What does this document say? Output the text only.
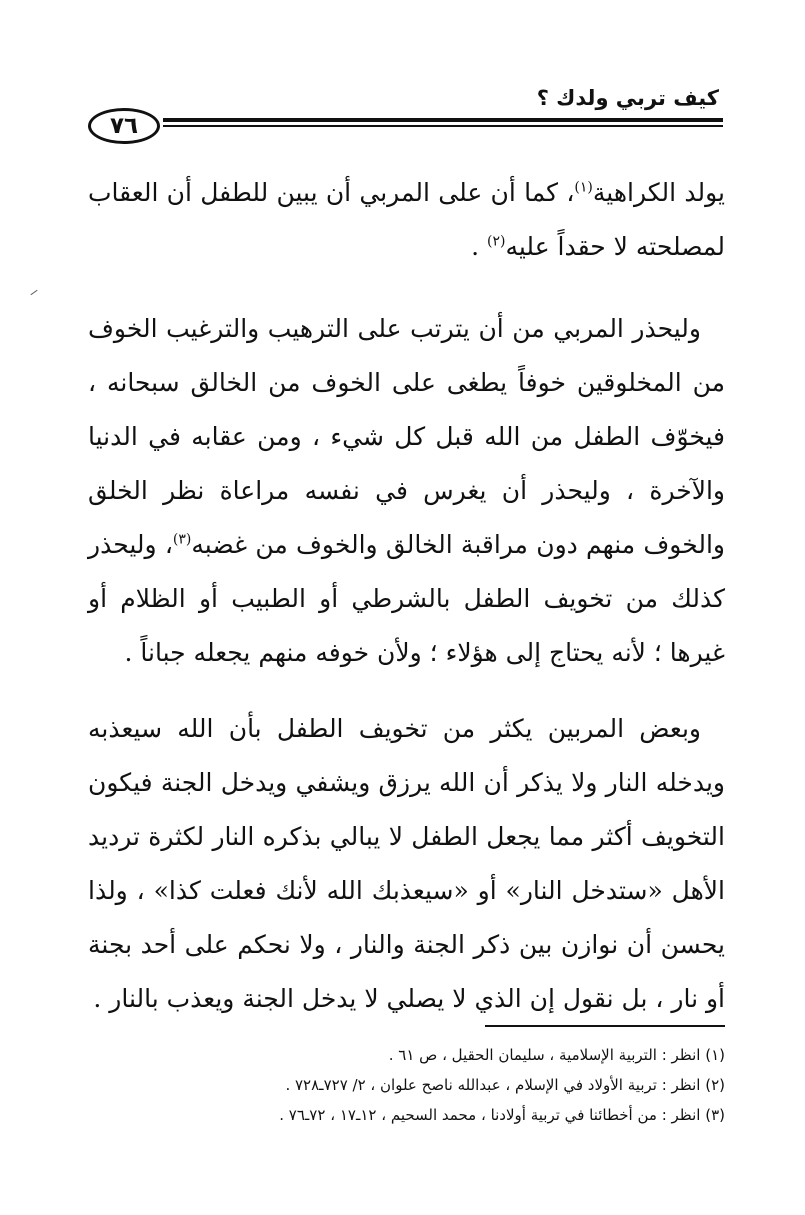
كيف تربي ولدك ؟
٧٦

يولد الكراهية$^{(١)}$، كما أن على المربي أن يبين للطفل أن العقاب لمصلحته لا حقداً عليه$^{(٢)}$ .

وليحذر المربي من أن يترتب على الترهيب والترغيب الخوف من المخلوقين خوفاً يطغى على الخوف من الخالق سبحانه ، فيخوّف الطفل من الله قبل كل شيء ، ومن عقابه في الدنيا والآخرة ، وليحذر أن يغرس في نفسه مراعاة نظر الخلق والخوف منهم دون مراقبة الخالق والخوف من غضبه$^{(٣)}$، وليحذر كذلك من تخويف الطفل بالشرطي أو الطبيب أو الظلام أو غيرها ؛ لأنه يحتاج إلى هؤلاء ؛ ولأن خوفه منهم يجعله جباناً .

وبعض المربين يكثر من تخويف الطفل بأن الله سيعذبه ويدخله النار ولا يذكر أن الله يرزق ويشفي ويدخل الجنة فيكون التخويف أكثر مما يجعل الطفل لا يبالي بذكره النار لكثرة ترديد الأهل «ستدخل النار» أو «سيعذبك الله لأنك فعلت كذا» ، ولذا يحسن أن نوازن بين ذكر الجنة والنار ، ولا نحكم على أحد بجنة أو نار ، بل نقول إن الذي لا يصلي لا يدخل الجنة ويعذب بالنار .

(١) انظر : التربية الإسلامية ، سليمان الحقيل ، ص ٦١ .
(٢) انظر : تربية الأولاد في الإسلام ، عبدالله ناصح علوان ، ٢/ ٧٢٧ـ٧٢٨ .
(٣) انظر : من أخطائنا في تربية أولادنا ، محمد السحيم ، ١٢ـ١٧ ، ٧٢ـ٧٦ .
